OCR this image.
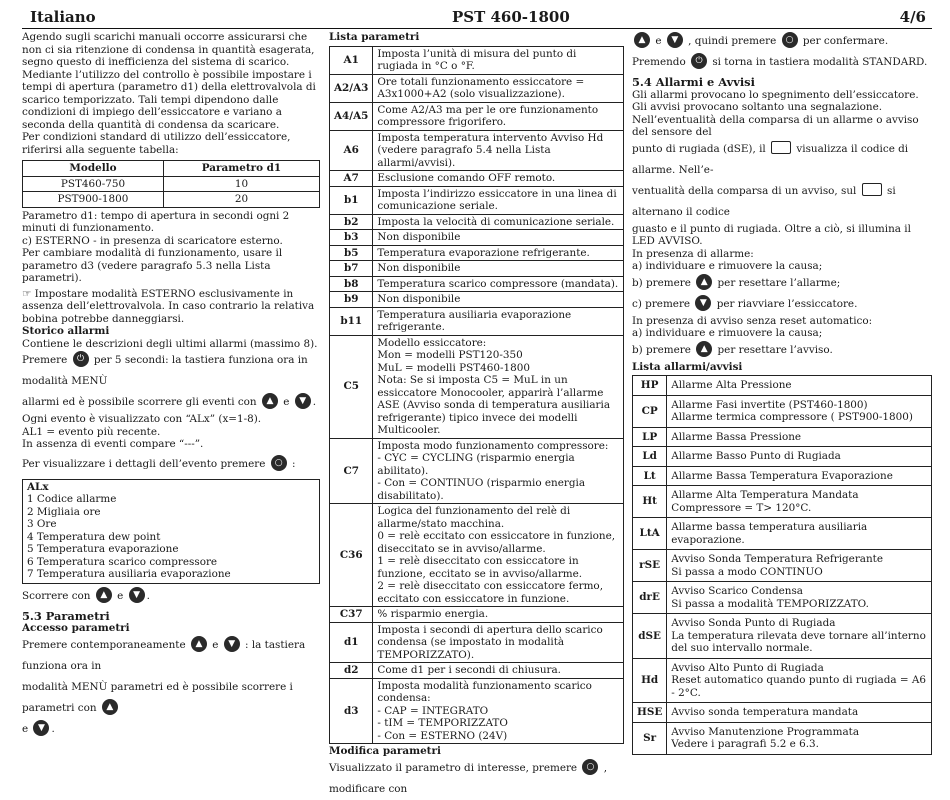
Italiano	PST 460-1800	4/6

Agendo sugli scarichi manuali occorre assicurarsi che non ci sia ritenzione di condensa in quantità esagerata, segno questo di inefficienza del sistema di scarico.

Mediante l’utilizzo del controllo è possibile impostare i tempi di apertura (parametro d1) della elettrovalvola di scarico temporizzato. Tali tempi dipendono dalle condizioni di impiego dell’essiccatore e variano a seconda della quantità di condensa da scaricare.

Per condizioni standard di utilizzo dell’essiccatore, riferirsi alla seguente tabella:

Modello	Parametro d1
PST460-750	10
PST900-1800	20

Parametro d1: tempo di apertura in secondi ogni 2 minuti di funzionamento.

c) ESTERNO - in presenza di scaricatore esterno.

Per cambiare modalità di funzionamento, usare il parametro d3 (vedere paragrafo 5.3 nella Lista parametri).

☞ Impostare modalità ESTERNO esclusivamente in assenza dell’elettrovalvola. In caso contrario la relativa bobina potrebbe danneggiarsi.

Storico allarmi

Contiene le descrizioni degli ultimi allarmi (massimo 8).

Premere ⏻	per 5 secondi: la tastiera funziona ora in modalità MENÙ

allarmi ed è possibile scorrere gli eventi con ▲	e ▼ .

Ogni evento è visualizzato con “ALx” (x=1-8).

AL1 = evento più recente.

In assenza di eventi compare “---”.

Per visualizzare i dettagli dell’evento premere ○	:

ALx

1 Codice allarme

2 Migliaia ore

3 Ore

4 Temperatura dew point

5 Temperatura evaporazione

6 Temperatura scarico compressore

7 Temperatura ausiliaria evaporazione

Scorrere con ▲	e ▼ .

5.3 Parametri

Accesso parametri

Premere contemporaneamente ▲	e ▼	: la tastiera funziona ora in

modalità MENÙ parametri ed è possibile scorrere i parametri con ▲

e ▼ .

Lista parametri

A1	Imposta l’unità di misura del punto di rugiada in °C o °F.
A2/A3	Ore totali funzionamento essiccatore = A3x1000+A2 (solo visualizzazione).
A4/A5	Come A2/A3 ma per le ore funzionamento compressore frigorifero.
A6	Imposta temperatura intervento Avviso Hd (vedere paragrafo 5.4 nella Lista allarmi/avvisi).
A7	Esclusione comando OFF remoto.
b1	Imposta l’indirizzo essiccatore in una linea di comunicazione seriale.
b2	Imposta la velocità di comunicazione seriale.
b3	Non disponibile
b5	Temperatura evaporazione refrigerante.
b7	Non disponibile
b8	Temperatura scarico compressore (mandata).
b9	Non disponibile
b11	Temperatura ausiliaria evaporazione refrigerante.
C5	Modello essiccatore:
Mon = modelli PST120-350
MuL = modelli PST460-1800
Nota: Se si imposta C5 = MuL in un essiccatore Monocooler, apparirà l’allarme ASE (Avviso sonda di temperatura ausiliaria refrigerante) tipico invece dei modelli Multicooler.
C7	Imposta modo funzionamento compressore:
- CYC = CYCLING (risparmio energia abilitato).
- Con = CONTINUO (risparmio energia disabilitato).
C36	Logica del funzionamento del relè di allarme/stato macchina.
0 = relè eccitato con essiccatore in funzione, diseccitato se in avviso/allarme.
1 = relè diseccitato con essiccatore in funzione, eccitato se in avviso/allarme.
2 = relè diseccitato con essiccatore fermo, eccitato con essiccatore in funzione.
C37	% risparmio energia.
d1	Imposta i secondi di apertura dello scarico condensa (se impostato in modalità TEMPORIZZATO).
d2	Come d1 per i secondi di chiusura.
d3	Imposta modalità funzionamento scarico condensa:
- CAP = INTEGRATO
- tIM = TEMPORIZZATO
- Con = ESTERNO (24V)

Modifica parametri

Visualizzato il parametro di interesse, premere ○	, modificare con

▲ e ▼	, quindi premere ○	per confermare.

Premendo ⏻	si torna in tastiera modalità STANDARD.

5.4 Allarmi e Avvisi

Gli allarmi provocano lo spegnimento dell’essiccatore.

Gli avvisi provocano soltanto una segnalazione.

Nell’eventualità della comparsa di un allarme o avviso del sensore del

punto di rugiada (dSE), il	visualizza il codice di allarme. Nell’e-

ventualità della comparsa di un avviso, sul	si alternano il codice

guasto e il punto di rugiada. Oltre a ciò, si illumina il LED AVVISO.

In presenza di allarme:

a) individuare e rimuovere la causa;

b) premere ▲	per resettare l’allarme;

c) premere ▼	per riavviare l’essiccatore.

In presenza di avviso senza reset automatico:

a) individuare e rimuovere la causa;

b) premere ▲	per resettare l’avviso.

Lista allarmi/avvisi

HP	Allarme Alta Pressione
CP	Allarme Fasi invertite (PST460-1800)
Allarme termica compressore ( PST900-1800)
LP	Allarme Bassa Pressione
Ld	Allarme Basso Punto di Rugiada
Lt	Allarme Bassa Temperatura Evaporazione
Ht	Allarme Alta Temperatura Mandata Compressore = T> 120°C.
LtA	Allarme bassa temperatura ausiliaria evaporazione.
rSE	Avviso Sonda Temperatura Refrigerante
Si passa a modo CONTINUO
drE	Avviso Scarico Condensa
Si passa a modalità TEMPORIZZATO.
dSE	Avviso Sonda Punto di Rugiada
La temperatura rilevata deve tornare all’interno del suo intervallo normale.
Hd	Avviso Alto Punto di Rugiada
Reset automatico quando punto di rugiada = A6 - 2°C.
HSE	Avviso sonda temperatura mandata
Sr	Avviso Manutenzione Programmata
Vedere i paragrafi 5.2 e 6.3.
